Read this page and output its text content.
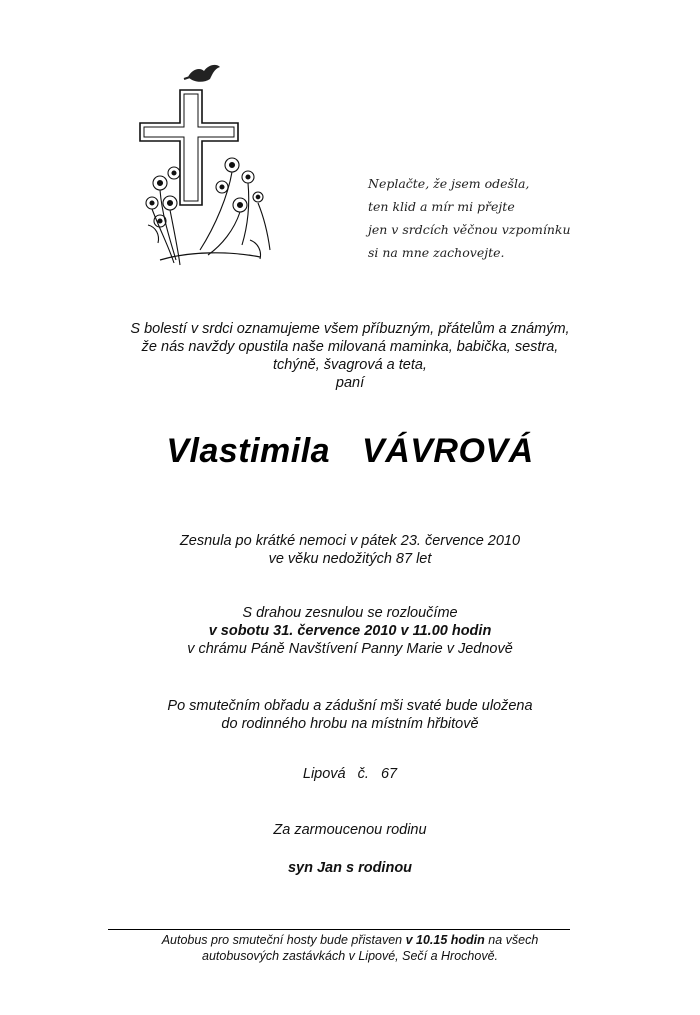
Neplačte, že jsem odešla,
ten klid a mír mi přejte
jen v srdcích věčnou vzpomínku
si na mne zachovejte.
S bolestí v srdci oznamujeme všem příbuzným, přátelům a známým,
že nás navždy opustila naše milovaná maminka, babička, sestra,
tchýně, švagrová a teta,
paní
Vlastimila VÁVROVÁ
Zesnula po krátké nemoci v pátek 23. července 2010
ve věku nedožitých 87 let
S drahou zesnulou se rozloučíme
v sobotu 31. července 2010 v 11.00 hodin
v chrámu Páně Navštívení Panny Marie v Jednově
Po smutečním obřadu a zádušní mši svaté bude uložena
do rodinného hrobu na místním hřbitově
Lipová č. 67
Za zarmoucenou rodinu
syn Jan s rodinou
Autobus pro smuteční hosty bude přistaven v 10.15 hodin na všech
autobusových zastávkách v Lipové, Sečí a Hrochově.
